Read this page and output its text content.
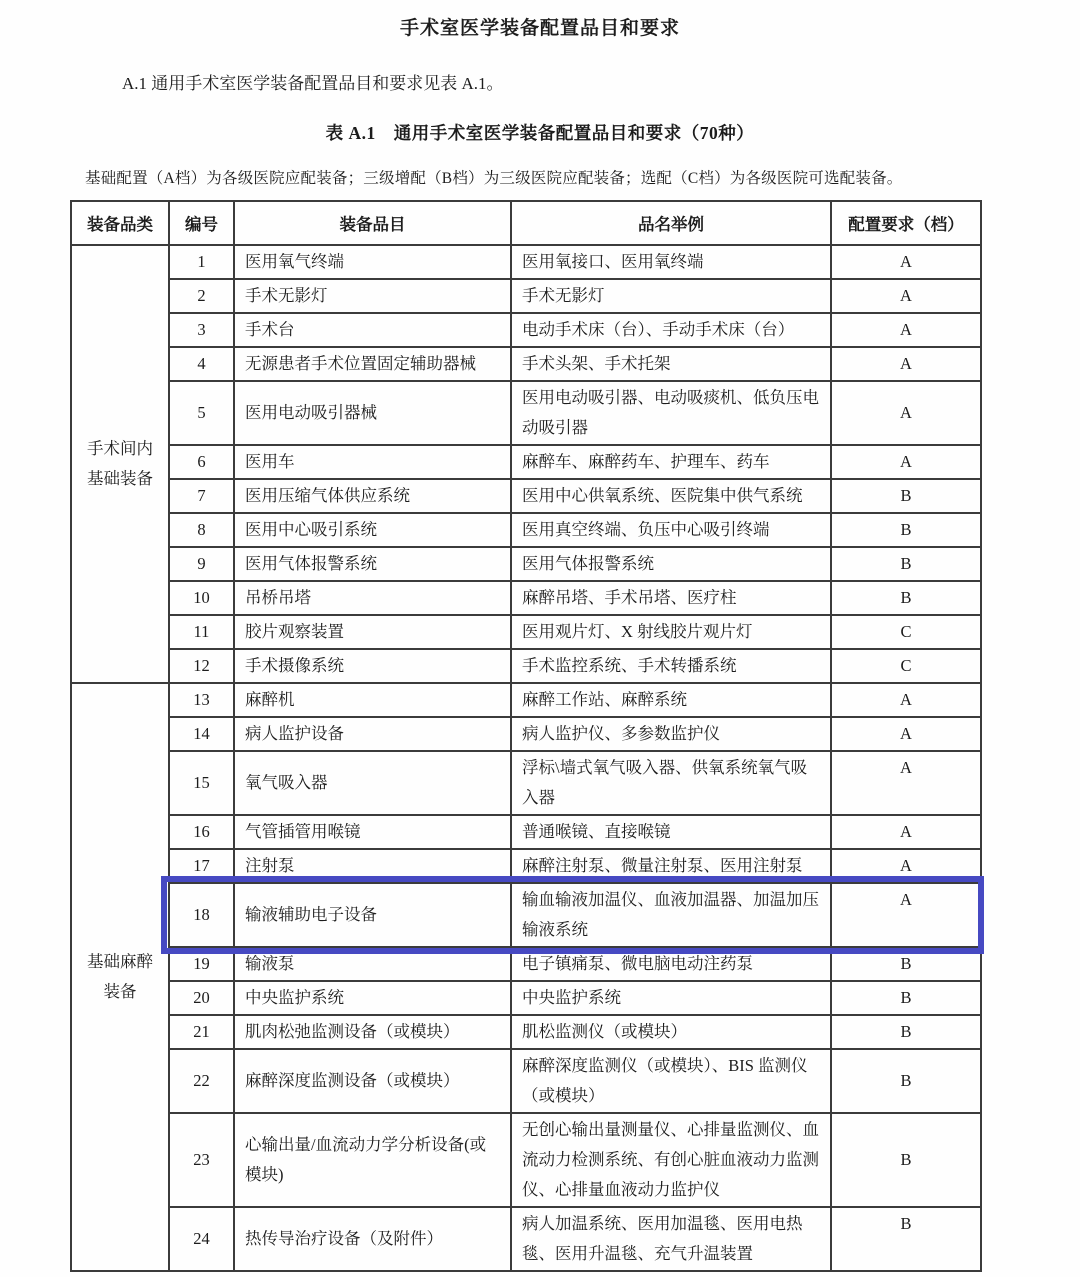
手术室医学装备配置品目和要求

A.1 通用手术室医学装备配置品目和要求见表 A.1。

表 A.1　通用手术室医学装备配置品目和要求（70种）

基础配置（A档）为各级医院应配装备；三级增配（B档）为三级医院应配装备；选配（C档）为各级医院可选配装备。

装备品类	编号	装备品目	品名举例	配置要求（档）
手术间内基础装备	1	医用氧气终端	医用氧接口、医用氧终端	A
	2	手术无影灯	手术无影灯	A
	3	手术台	电动手术床（台）、手动手术床（台）	A
	4	无源患者手术位置固定辅助器械	手术头架、手术托架	A
	5	医用电动吸引器械	医用电动吸引器、电动吸痰机、低负压电动吸引器	A
	6	医用车	麻醉车、麻醉药车、护理车、药车	A
	7	医用压缩气体供应系统	医用中心供氧系统、医院集中供气系统	B
	8	医用中心吸引系统	医用真空终端、负压中心吸引终端	B
	9	医用气体报警系统	医用气体报警系统	B
	10	吊桥吊塔	麻醉吊塔、手术吊塔、医疗柱	B
	11	胶片观察装置	医用观片灯、X 射线胶片观片灯	C
	12	手术摄像系统	手术监控系统、手术转播系统	C
基础麻醉装备	13	麻醉机	麻醉工作站、麻醉系统	A
	14	病人监护设备	病人监护仪、多参数监护仪	A
	15	氧气吸入器	浮标\墙式氧气吸入器、供氧系统氧气吸入器	A
	16	气管插管用喉镜	普通喉镜、直接喉镜	A
	17	注射泵	麻醉注射泵、微量注射泵、医用注射泵	A
	18	输液辅助电子设备	输血输液加温仪、血液加温器、加温加压输液系统	A
	19	输液泵	电子镇痛泵、微电脑电动注药泵	B
	20	中央监护系统	中央监护系统	B
	21	肌肉松弛监测设备（或模块）	肌松监测仪（或模块）	B
	22	麻醉深度监测设备（或模块）	麻醉深度监测仪（或模块）、BIS 监测仪（或模块）	B
	23	心输出量/血流动力学分析设备(或模块)	无创心输出量测量仪、心排量监测仪、血流动力检测系统、有创心脏血液动力监测仪、心排量血液动力监护仪	B
	24	热传导治疗设备（及附件）	病人加温系统、医用加温毯、医用电热毯、医用升温毯、充气升温装置	B
